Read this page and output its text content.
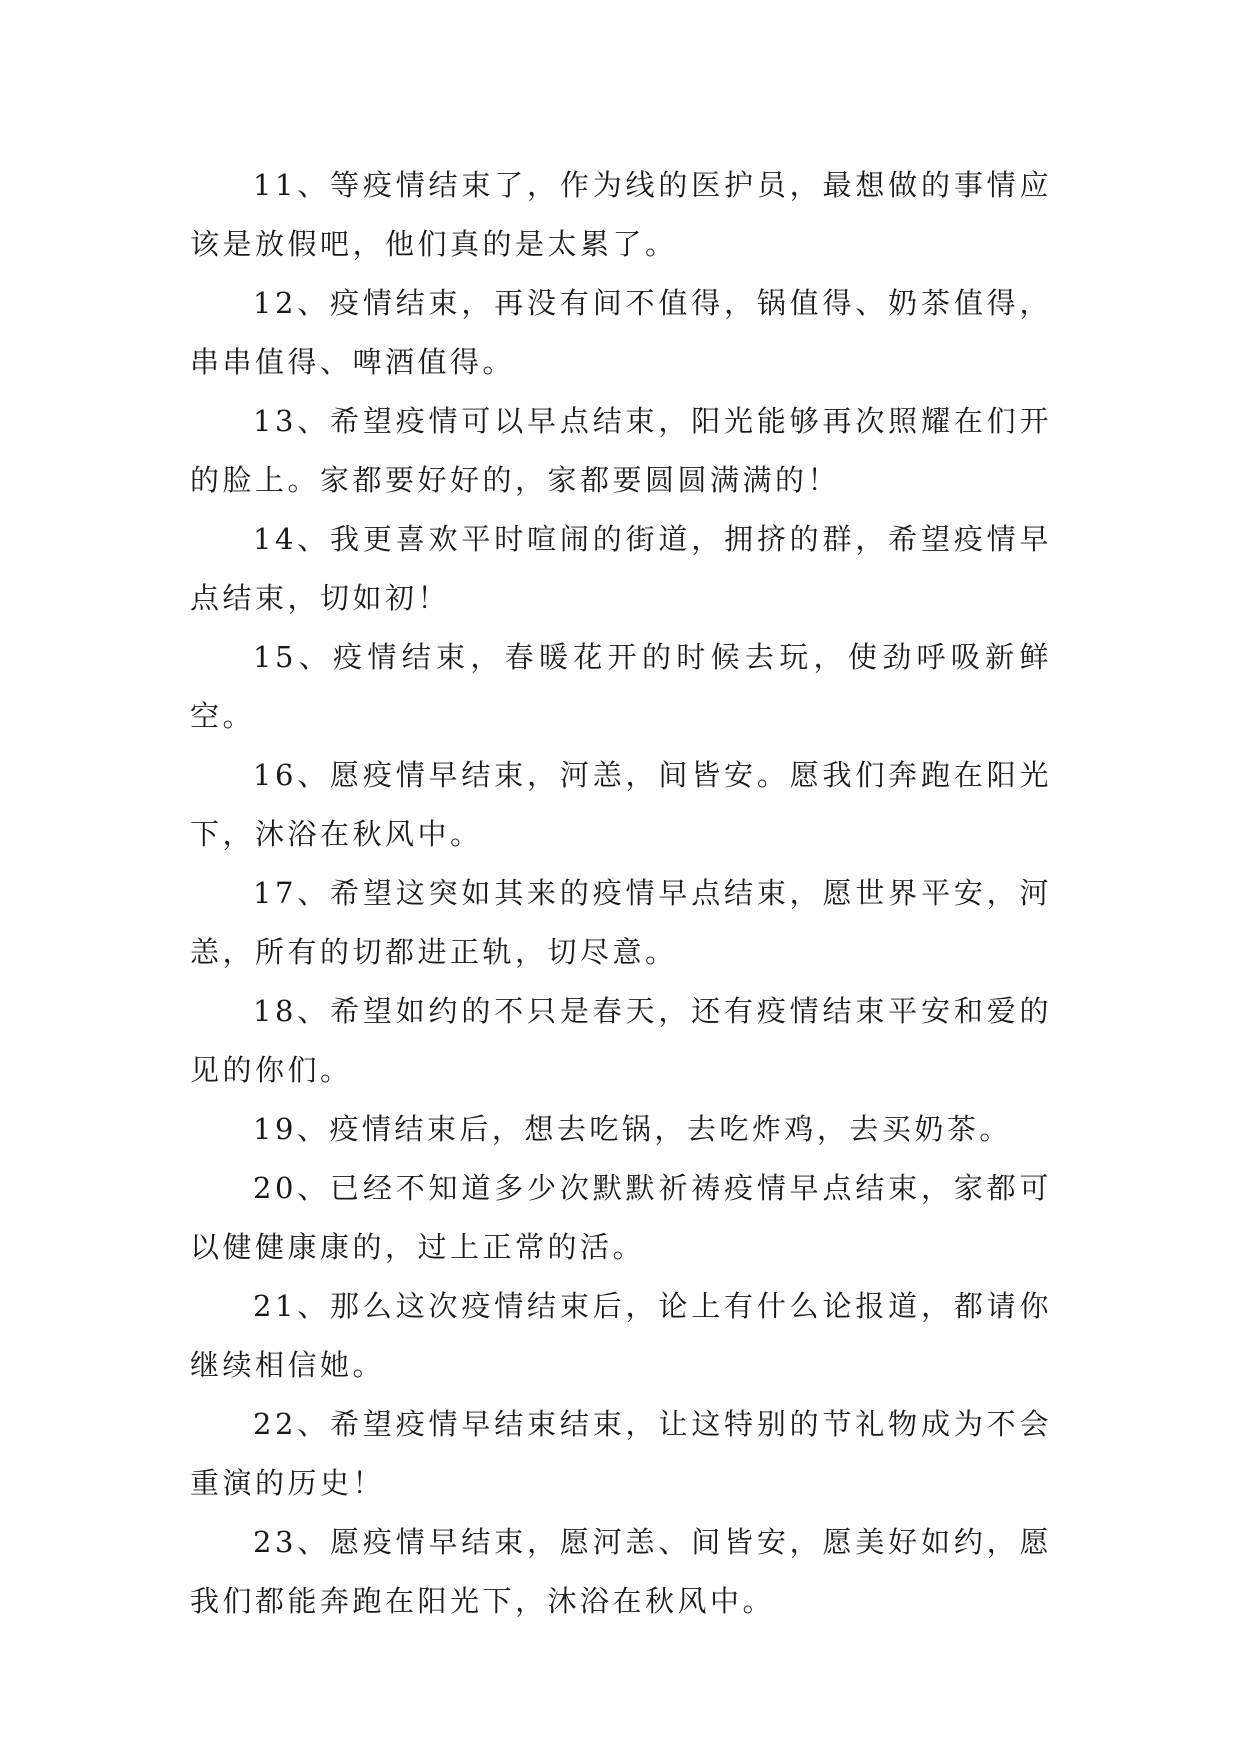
11、等疫情结束了，作为线的医护员，最想做的事情应该是放假吧，他们真的是太累了。

12、疫情结束，再没有间不值得，锅值得、奶茶值得，串串值得、啤酒值得。

13、希望疫情可以早点结束，阳光能够再次照耀在们开的脸上。家都要好好的，家都要圆圆满满的！

14、我更喜欢平时喧闹的街道，拥挤的群，希望疫情早点结束，切如初！

15、疫情结束，春暖花开的时候去玩，使劲呼吸新鲜空。

16、愿疫情早结束，河恙，间皆安。愿我们奔跑在阳光下，沐浴在秋风中。

17、希望这突如其来的疫情早点结束，愿世界平安，河恙，所有的切都进正轨，切尽意。

18、希望如约的不只是春天，还有疫情结束平安和爱的见的你们。

19、疫情结束后，想去吃锅，去吃炸鸡，去买奶茶。

20、已经不知道多少次默默祈祷疫情早点结束，家都可以健健康康的，过上正常的活。

21、那么这次疫情结束后，论上有什么论报道，都请你继续相信她。

22、希望疫情早结束结束，让这特别的节礼物成为不会重演的历史！

23、愿疫情早结束，愿河恙、间皆安，愿美好如约，愿我们都能奔跑在阳光下，沐浴在秋风中。
